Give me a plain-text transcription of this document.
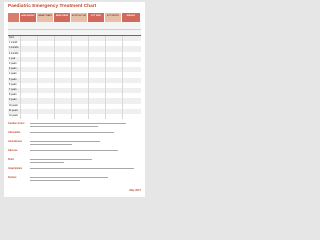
Paediatric Emergency Treatment Chart
AGE GROUP	HEART RATE	RESP RATE	SYSTOLIC BP	ETT SIZE	ETT DEPTH	WEIGHT
Term
1 month
3 months
6 months
1 year
2 years
3 years
4 years
5 years
6 years
7 years
8 years
9 years
10 years
11 years
12 years
Cardiac Arrest
Adrenaline
Amiodarone
Glucose
Fluid
Anaphylaxis
Seizure
May 2017
